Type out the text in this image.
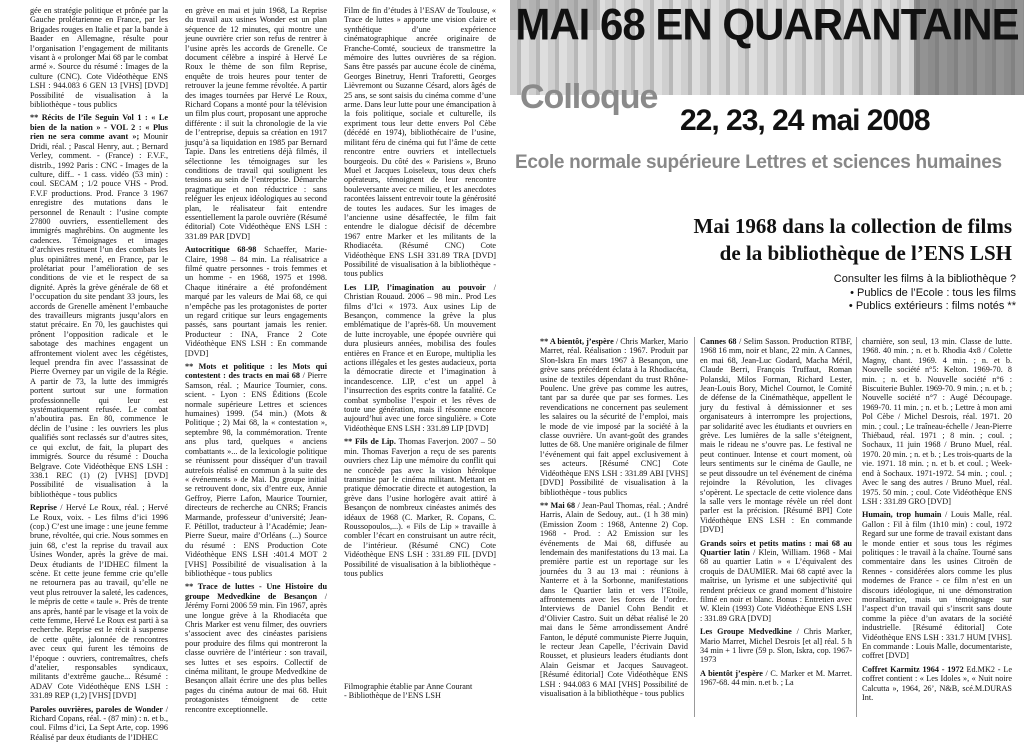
gée en stratégie politique et prônée par la Gauche prolétarienne en France, par les Brigades rouges en Italie et par la bande à Baader en Allemagne, résulte pour l’organisation l’engagement de militants visant à « prolonger Mai 68 par le combat armé ». Source du résumé : Images de la culture (CNC). Cote Vidéothèque ENS LSH : 944.083 6 GEN 13 [VHS] [DVD] Possibilité de visualisation à la bibliothèque - tous publics

** Récits de l’île Seguin Vol 1 : « Le bien de la nation » - VOL 2 : « Plus rien ne sera comme avant »; Mounir Dridi, réal. ; Pascal Henry, aut. ; Bernard Verley, comment. - (France) : F.V.F., distrib., 1992 Paris : CNC - Images de la culture, diff.. - 1 cass. vidéo (53 min) : coul. SECAM ; 1/2 pouce VHS - Prod. F.V.F productions. Prod. France 3 1967 enregistre des mutations dans le personnel de Renault : l’usine compte 27800 ouvriers, essentiellement des immigrés maghrébins. On augmente les cadences. Témoignages et images d’archives restituent l’un des combats les plus opiniâtres mené, en France, par le prolétariat pour l’amélioration de ses conditions de vie et le respect de sa dignité. Après la grève générale de 68 et l’occupation du site pendant 33 jours, les accords de Grenelle amènent l’embauche des travailleurs migrants jusqu’alors en statut précaire. En 70, les gauchistes qui prônent l’opposition radicale et le sabotage des machines engagent un affrontement violent avec les cégétistes, lequel prendra fin avec l’assassinat de Pierre Overney par un vigile de la Régie. A partir de 73, la lutte des immigrés portent surtout sur une formation professionnelle qui leur est systématiquement refusée. Le combat n’aboutira pas. En 80, commence le déclin de l’usine : les ouvriers les plus qualifiés sont reclassés sur d’autres sites, ce qui exclut, de fait, la plupart des immigrés. Source du résumé : Doucha Belgrave. Cote Vidéothèque ENS LSH : 338.1 REC (1) (2) [VHS] [DVD] Possibilité de visualisation à la bibliothèque - tous publics

Reprise / Hervé Le Roux, réal. ; Hervé Le Roux, voix. - Les films d’ici 1996 (cop.) C’est une image : une jeune femme brune, révoltée, qui crie. Nous sommes en juin 68, c’est la reprise du travail aux Usines Wonder, après la grève de mai. Deux étudiants de l’IDHEC filment la scène. Et cette jeune femme crie qu’elle ne retournera pas au travail, qu’elle ne veut plus retrouver la saleté, les cadences, le mépris de cette « taule ». Près de trente ans après, hanté par le visage et la voix de cette femme, Hervé Le Roux est parti à sa recherche. Reprise est le récit à suspense de cette quête, jalonnée de rencontres avec ceux qui furent les témoins de l’époque : ouvriers, contremaîtres, chefs d’atelier, responsables syndicaux, militants d’extrême gauche... Résumé : ADAV Cote Vidéothèque ENS LSH : 331.89 REP (1,2) [VHS] [DVD]

Paroles ouvrières, paroles de Wonder / Richard Copans, réal. - (87 min) : n. et b., coul. Films d’ici, La Sept Arte, cop. 1996 Réalisé par deux étudiants de l’IDHEC

en grève en mai et juin 1968, La Reprise du travail aux usines Wonder est un plan séquence de 12 minutes, qui montre une jeune ouvrière crier son refus de rentrer à l’usine après les accords de Grenelle. Ce document célèbre a inspiré à Hervé Le Roux le thème de son film Reprise, enquête de trois heures pour tenter de retrouver la jeune femme révoltée. A partir des images tournées par Hervé Le Roux, Richard Copans a monté pour la télévision un film plus court, proposant une approche différente : il suit la chronologie de la vie de l’entreprise, depuis sa création en 1917 jusqu’à sa liquidation en 1985 par Bernard Tapie. Dans les entretiens déjà filmés, il sélectionne les témoignages sur les conditions de travail qui soulignent les tensions au sein de l’entreprise. Démarche pragmatique et non réductrice : sans reléguer les enjeux idéologiques au second plan, le réalisateur fait entendre essentiellement la parole ouvrière (Résumé éditorial) Cote Vidéothèque ENS LSH : 331.89 PAR [DVD]

Autocritique 68-98 Schaeffer, Marie-Claire, 1998 – 84 min. La réalisatrice a filmé quatre personnes - trois femmes et un homme - en 1968, 1975 et 1998. Chaque itinéraire a été profondément marqué par les valeurs de Mai 68, ce qui n’empêche pas les protagonistes de porter un regard critique sur leurs engagements passés, sans pourtant jamais les renier. Producteur : INA, France 2 Cote Vidéothèque ENS LSH : En commande [DVD]

** Mots et politique : les Mots qui contestent : des tracts en mai 68 / Pierre Samson, réal. ; Maurice Tournier, cons. scient. - Lyon : ENS Éditions (Ecole normale supérieure Lettres et sciences humaines) 1999. (54 min.) (Mots & Politique ; 2) Mai 68, la « contestation », septembre 98, la commémoration. Trente ans plus tard, quelques « anciens combattants »... de la lexicologie politique se réunissent pour disséquer d’un travail autrefois réalisé en commun à la suite des « événements » de Mai. Du groupe initial se retrouvent donc, six d’entre eux, Annie Geffroy, Pierre Lafon, Maurice Tournier, directeurs de recherche au CNRS; Francis Marmande, professeur d’université; Jean-F. Pétillot, traducteur à l’Académie; Jean-Pierre Sueur, maire d’Orléans (...) Source du résumé : ENS Production Cote Vidéothèque ENS LSH :401.4 MOT 2 [VHS] Possibilité de visualisation à la bibliothèque - tous publics

** Trace de luttes - Une Histoire du groupe Medvedkine de Besançon / Jérémy Forni 2006 59 min. Fin 1967, après une longue grève à la Rhodiacéta que Chris Marker est venu filmer, des ouvriers s’associent avec des cinéastes parisiens pour produire des films qui montreront la classe ouvrière de l’intérieur : son travail, ses luttes et ses espoirs. Collectif de cinéma militant, le groupe Medvedkine de Besançon allait écrire une des plus belles pages du cinéma autour de mai 68. Huit protagonistes témoignent de cette rencontre exceptionnelle.

Film de fin d’études à l’ESAV de Toulouse, « Trace de luttes » apporte une vision claire et synthétique d’une expérience cinématographique ancrée originaire de Franche-Comté, soucieux de transmettre la mémoire des luttes ouvrières de sa région. Sans être passés par aucune école de cinéma, Georges Binetruy, Henri Traforetti, Georges Lièvremont ou Suzanne Césard, alors âgés de 25 ans, se sont saisis du cinéma comme d’une arme. Dans leur lutte pour une émancipation à la fois politique, sociale et culturelle, ils expriment tous leur dette envers Pol Cèbe (décédé en 1974), bibliothécaire de l’usine, militant féru de cinéma qui fut l’âme de cette rencontre entre ouvriers et intellectuels bourgeois. Du côté des « Parisiens », Bruno Muel et Jacques Loiseleux, tous deux chefs opérateurs, témoignent de leur rencontre bouleversante avec ce milieu, et les anecdotes racontées laissent entrevoir toute la générosité de toutes les audaces. Sur les images de l’ancienne usine désaffectée, le film fait entendre le dialogue décisif de décembre 1967 entre Marker et les militants de la Rhodiacéta. (Résumé CNC) Cote Vidéothèque ENS LSH 331.89 TRA [DVD] Possibilité de visualisation à la bibliothèque - tous publics

Les LIP, l’imagination au pouvoir / Christian Rouaud. 2006 – 98 min.. Prod Les films d’Ici « 1973. Aux usines Lip de Besançon, commence la grève la plus emblématique de l’après-68. Un mouvement de lutte incroyable, une épopée ouvrière qui dura plusieurs années, mobilisa des foules entières en France et en Europe, multiplia les actions illégales et les gestes audacieux, porta la démocratie directe et l’imagination à incandescence. LIP, c’est un appel à l’insurrection des esprits contre la fatalité. Ce combat symbolise l’espoir et les rêves de toute une génération, mais il résonne encore aujourd’hui avec une force singulière. » Cote Vidéothèque ENS LSH : 331.89 LIP [DVD]

** Fils de Lip. Thomas Faverjon. 2007 – 50 min. Thomas Faverjon a reçu de ses parents ouvriers chez Lip une mémoire du conflit qui ne concède pas avec la vision héroïque transmise par le cinéma militant. Mettant en pratique démocratie directe et autogestion, la grève dans l’usine horlogère avait attiré à Besançon de nombreux cinéastes animés des idéaux de 1968 (C. Marker, R. Copans, C. Roussopoulos,...). « Fils de Lip » travaille à combler l’écart en construisant un autre récit, de l’intérieur. (Résumé CNC) Cote Vidéothèque ENS LSH : 331.89 FIL [DVD] Possibilité de visualisation à la bibliothèque - tous publics

Filmographie établie par Anne Courant
- Bibliothèque de l’ENS LSH
MAI 68 EN QUARANTAINE
Colloque
22, 23, 24 mai 2008
Ecole normale supérieure Lettres et sciences humaines
Mai 1968 dans la collection de films
de la bibliothèque de l’ENS LSH
Consulter les films à la bibliothèque ?
• Publics de l’Ecole : tous les films
• Publics extérieurs : films notés **

** A bientôt, j’espère / Chris Marker, Mario Marret, réal. Réalisation : 1967. Produit par Slon-Iskra En mars 1967 à Besançon, une grève sans précédent éclata à la Rhodiacéta, usine de textiles dépendant du trust Rhône-Poulenc. Une grève pas comme les autres, tant par sa durée que par ses formes. Les revendications ne concernent pas seulement les salaires ou la sécurité de l’emploi, mais le mode de vie imposé par la société à la classe ouvrière. Un avant-goût des grandes luttes de 68. Une manière originale de filmer l’événement qui fait appel exclusivement à ses acteurs. [Résumé CNC] Cote Vidéothèque ENS LSH : 331.89 ABI [VHS] [DVD] Possibilité de visualisation à la bibliothèque - tous publics

** Mai 68 / Jean-Paul Thomas, réal. ; André Harris, Alain de Sedouy, aut.. (1 h 38 min) (Emission Zoom : 1968, Antenne 2) Cop. 1968 - Prod. : A2 Emission sur les événements de Mai 68, diffusée au lendemain des manifestations du 13 mai. La première partie est un reportage sur les journées du 3 au 13 mai : réunions à Nanterre et à la Sorbonne, manifestations dans le Quartier latin et vers l’Etoile, affrontements avec les forces de l’ordre. Interviews de Daniel Cohn Bendit et d’Olivier Castro. Suit un débat réalisé le 20 mai dans le 5ème arrondissement André Fanton, le député communiste Pierre Juquin, le recteur Jean Capelle, l’écrivain David Rousset, et plusieurs leaders étudiants dont Alain Geismar et Jacques Sauvageot. [Résumé éditorial] Cote Vidéothèque ENS LSH : 944.083 6 MAI [VHS] Possibilité de visualisation à la bibliothèque - tous publics

Cannes 68 / Selim Sasson. Production RTBF, 1968 16 mm, noir et blanc, 22 min. A Cannes, en mai 68, Jean-Luc Godard, Macha Méril, Claude Berri, François Truffaut, Roman Polanski, Milos Forman, Richard Lester, Jean-Louis Bory, Michel Cournot, le Comité de défense de la Cinémathèque, appellent le jury du festival à démissionner et ses organisateurs à interrompre les projections, par solidarité avec les étudiants et ouvriers en grève. Les lumières de la salle s’éteignent, mais le rideau ne s’ouvre pas. Le festival ne peut continuer. Intense et court moment, où leurs sentiments sur le cinéma de Gaulle, ne se peut dissoudre un tel événement de cinéma rejoindre la Révolution, les clivages s’opèrent. Le spectacle de cette violence dans la salle vers le montage révèle un réel dont parler est la précision. [Résumé BPI] Cote Vidéothèque ENS LSH : En commande [DVD]

Grands soirs et petits matins : mai 68 au Quartier latin / Klein, William. 1968 - Mai 68 au quartier Latin » « L’équivalent des croquis de DAUMIER. Mai 68 capté avec la maîtrise, un lyrisme et une subjectivité qui rendent précieux ce grand moment d’histoire filmé en noir et blanc. Bonus : Entretien avec W. Klein (1993) Cote Vidéothèque ENS LSH : 331.89 GRA [DVD]

Les Groupe Medvedkine / Chris Marker, Mario Marret, Michel Desrois [et al] réal. 5 h 34 min + 1 livre (59 p. Slon, Iskra, cop. 1967-1973

A bientôt j’espère / C. Marker et M. Marret. 1967-68. 44 min. n.et b. ; La

charnière, son seul, 13 min. Classe de lutte. 1968. 40 min. ; n. et b. Rhodia 4x8 / Colette Magny, chant. 1969. 4 min. ; n. et b. Nouvelle société n°5: Kelton. 1969-70. 8 min. ; n. et b. Nouvelle société n°6 : Biscuiterie Buhler. 1969-70. 9 min. ; n. et b. ; Nouvelle société n°7 : Augé Découpage. 1969-70. 11 min. ; n. et b. ; Lettre à mon ami Pol Cèbe / Michel Desrois, réal. 1971. 20 min. ; coul. ; Le traîneau-échelle / Jean-Pierre Thiébaud, réal. 1971 ; 8 min. ; coul. ; Sochaux, 11 juin 1968 / Bruno Muel, réal. 1970. 20 min. ; n. et b. ; Les trois-quarts de la vie. 1971. 18 min. ; n. et b. et coul. ; Week-end à Sochaux. 1971-1972. 54 min. ; coul. ; Avec le sang des autres / Bruno Muel, réal. 1975. 50 min. ; coul. Cote Vidéothèque ENS LSH : 331.89 GRO [DVD]

Humain, trop humain / Louis Malle, réal. Gallon : Fil à film (1h10 min) : coul, 1972 Regard sur une forme de travail existant dans le monde entier et sous tous les régimes politiques : le travail à la chaîne. Tourné sans commentaire dans les usines Citroën de Rennes - considérées alors comme les plus modernes de France - ce film n’est en un discours idéologique, ni une démonstration moralisatrice, mais un témoignage sur l’aspect d’un travail qui s’inscrit sans doute comme la pièce d’un avatars de la société industrielle. [Résumé éditorial] Cote Vidéothèque ENS LSH : 331.7 HUM [VHS]. En commande : Louis Malle, documentariste, coffret [DVD]

Coffret Karmitz 1964 - 1972 Ed.MK2 - Le coffret contient : « Les Idoles », « Nuit noire Calcutta », 1964, 26’, N&B, scé.M.DURAS Int.
